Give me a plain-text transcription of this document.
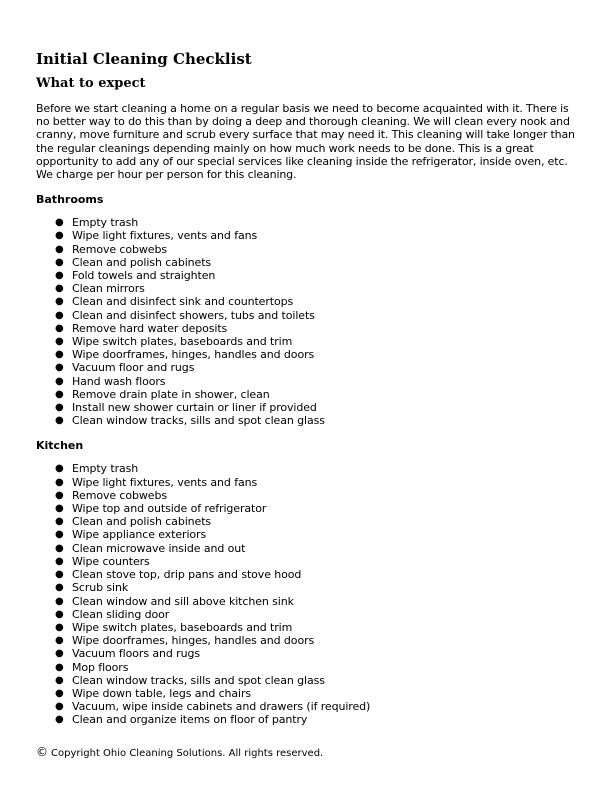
Initial Cleaning Checklist
What to expect

Before we start cleaning a home on a regular basis we need to become acquainted with it. There is no better way to do this than by doing a deep and thorough cleaning. We will clean every nook and cranny, move furniture and scrub every surface that may need it. This cleaning will take longer than the regular cleanings depending mainly on how much work needs to be done. This is a great opportunity to add any of our special services like cleaning inside the refrigerator, inside oven, etc. We charge per hour per person for this cleaning.

Bathrooms
● Empty trash
● Wipe light fixtures, vents and fans
● Remove cobwebs
● Clean and polish cabinets
● Fold towels and straighten
● Clean mirrors
● Clean and disinfect sink and countertops
● Clean and disinfect showers, tubs and toilets
● Remove hard water deposits
● Wipe switch plates, baseboards and trim
● Wipe doorframes, hinges, handles and doors
● Vacuum floor and rugs
● Hand wash floors
● Remove drain plate in shower, clean
● Install new shower curtain or liner if provided
● Clean window tracks, sills and spot clean glass
Kitchen
● Empty trash
● Wipe light fixtures, vents and fans
● Remove cobwebs
● Wipe top and outside of refrigerator
● Clean and polish cabinets
● Wipe appliance exteriors
● Clean microwave inside and out
● Wipe counters
● Clean stove top, drip pans and stove hood
● Scrub sink
● Clean window and sill above kitchen sink
● Clean sliding door
● Wipe switch plates, baseboards and trim
● Wipe doorframes, hinges, handles and doors
● Vacuum floors and rugs
● Mop floors
● Clean window tracks, sills and spot clean glass
● Wipe down table, legs and chairs
● Vacuum, wipe inside cabinets and drawers (if required)
● Clean and organize items on floor of pantry
© Copyright Ohio Cleaning Solutions. All rights reserved.
